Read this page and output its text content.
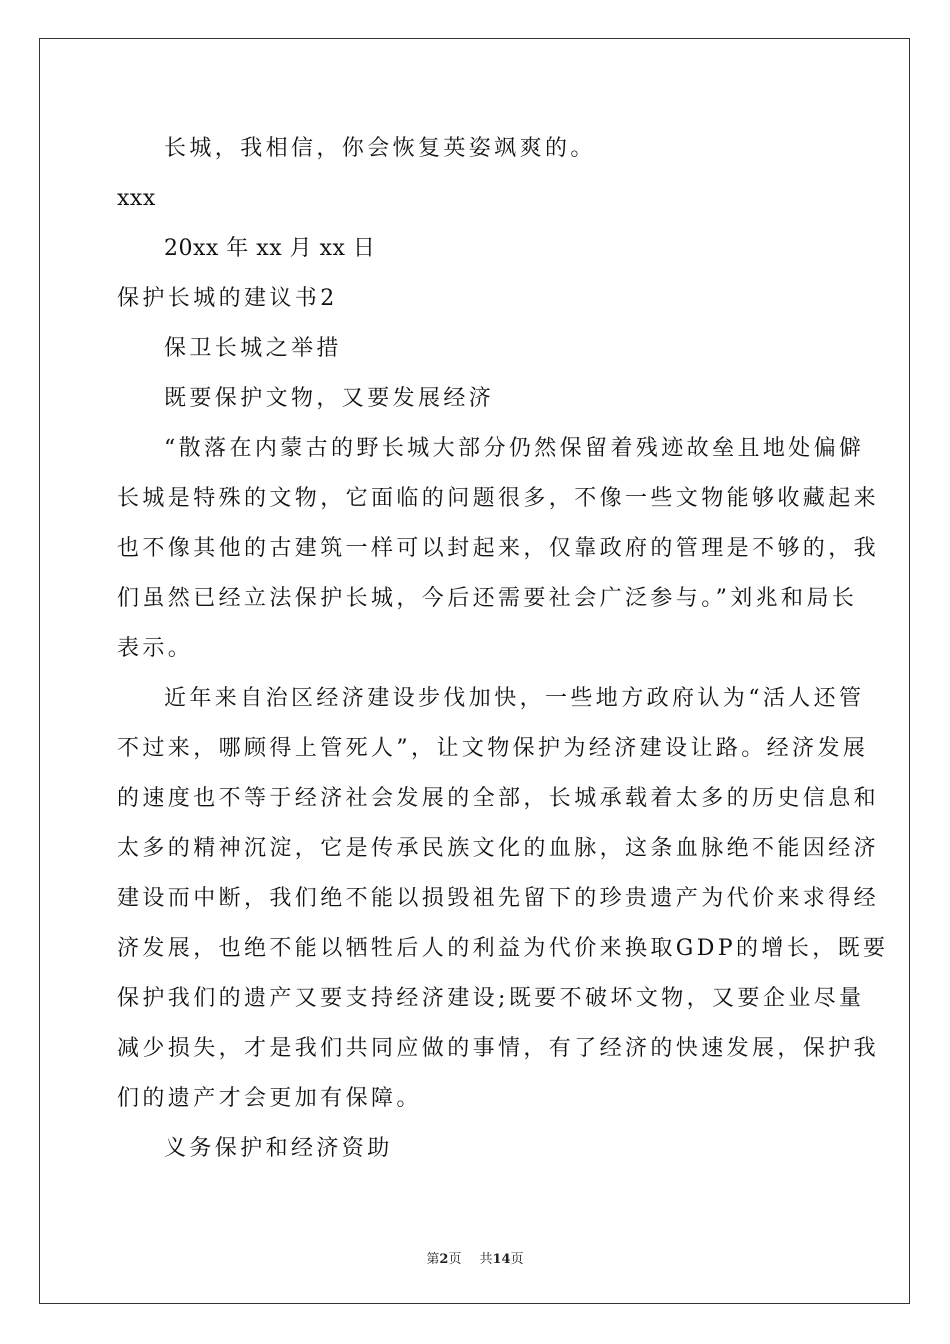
长城，我相信，你会恢复英姿飒爽的。
xxx
20xx 年 xx 月 xx 日
保护长城的建议书2
保卫长城之举措
既要保护文物，又要发展经济
“散落在内蒙古的野长城大部分仍然保留着残迹故垒且地处偏僻
长城是特殊的文物，它面临的问题很多，不像一些文物能够收藏起来
也不像其他的古建筑一样可以封起来，仅靠政府的管理是不够的，我
们虽然已经立法保护长城，今后还需要社会广泛参与。”刘兆和局长
表示。
近年来自治区经济建设步伐加快，一些地方政府认为“活人还管
不过来，哪顾得上管死人”，让文物保护为经济建设让路。经济发展
的速度也不等于经济社会发展的全部，长城承载着太多的历史信息和
太多的精神沉淀，它是传承民族文化的血脉，这条血脉绝不能因经济
建设而中断，我们绝不能以损毁祖先留下的珍贵遗产为代价来求得经
济发展，也绝不能以牺牲后人的利益为代价来换取GDP的增长，既要
保护我们的遗产又要支持经济建设;既要不破坏文物，又要企业尽量
减少损失，才是我们共同应做的事情，有了经济的快速发展，保护我
们的遗产才会更加有保障。
义务保护和经济资助
第2页 共14页
